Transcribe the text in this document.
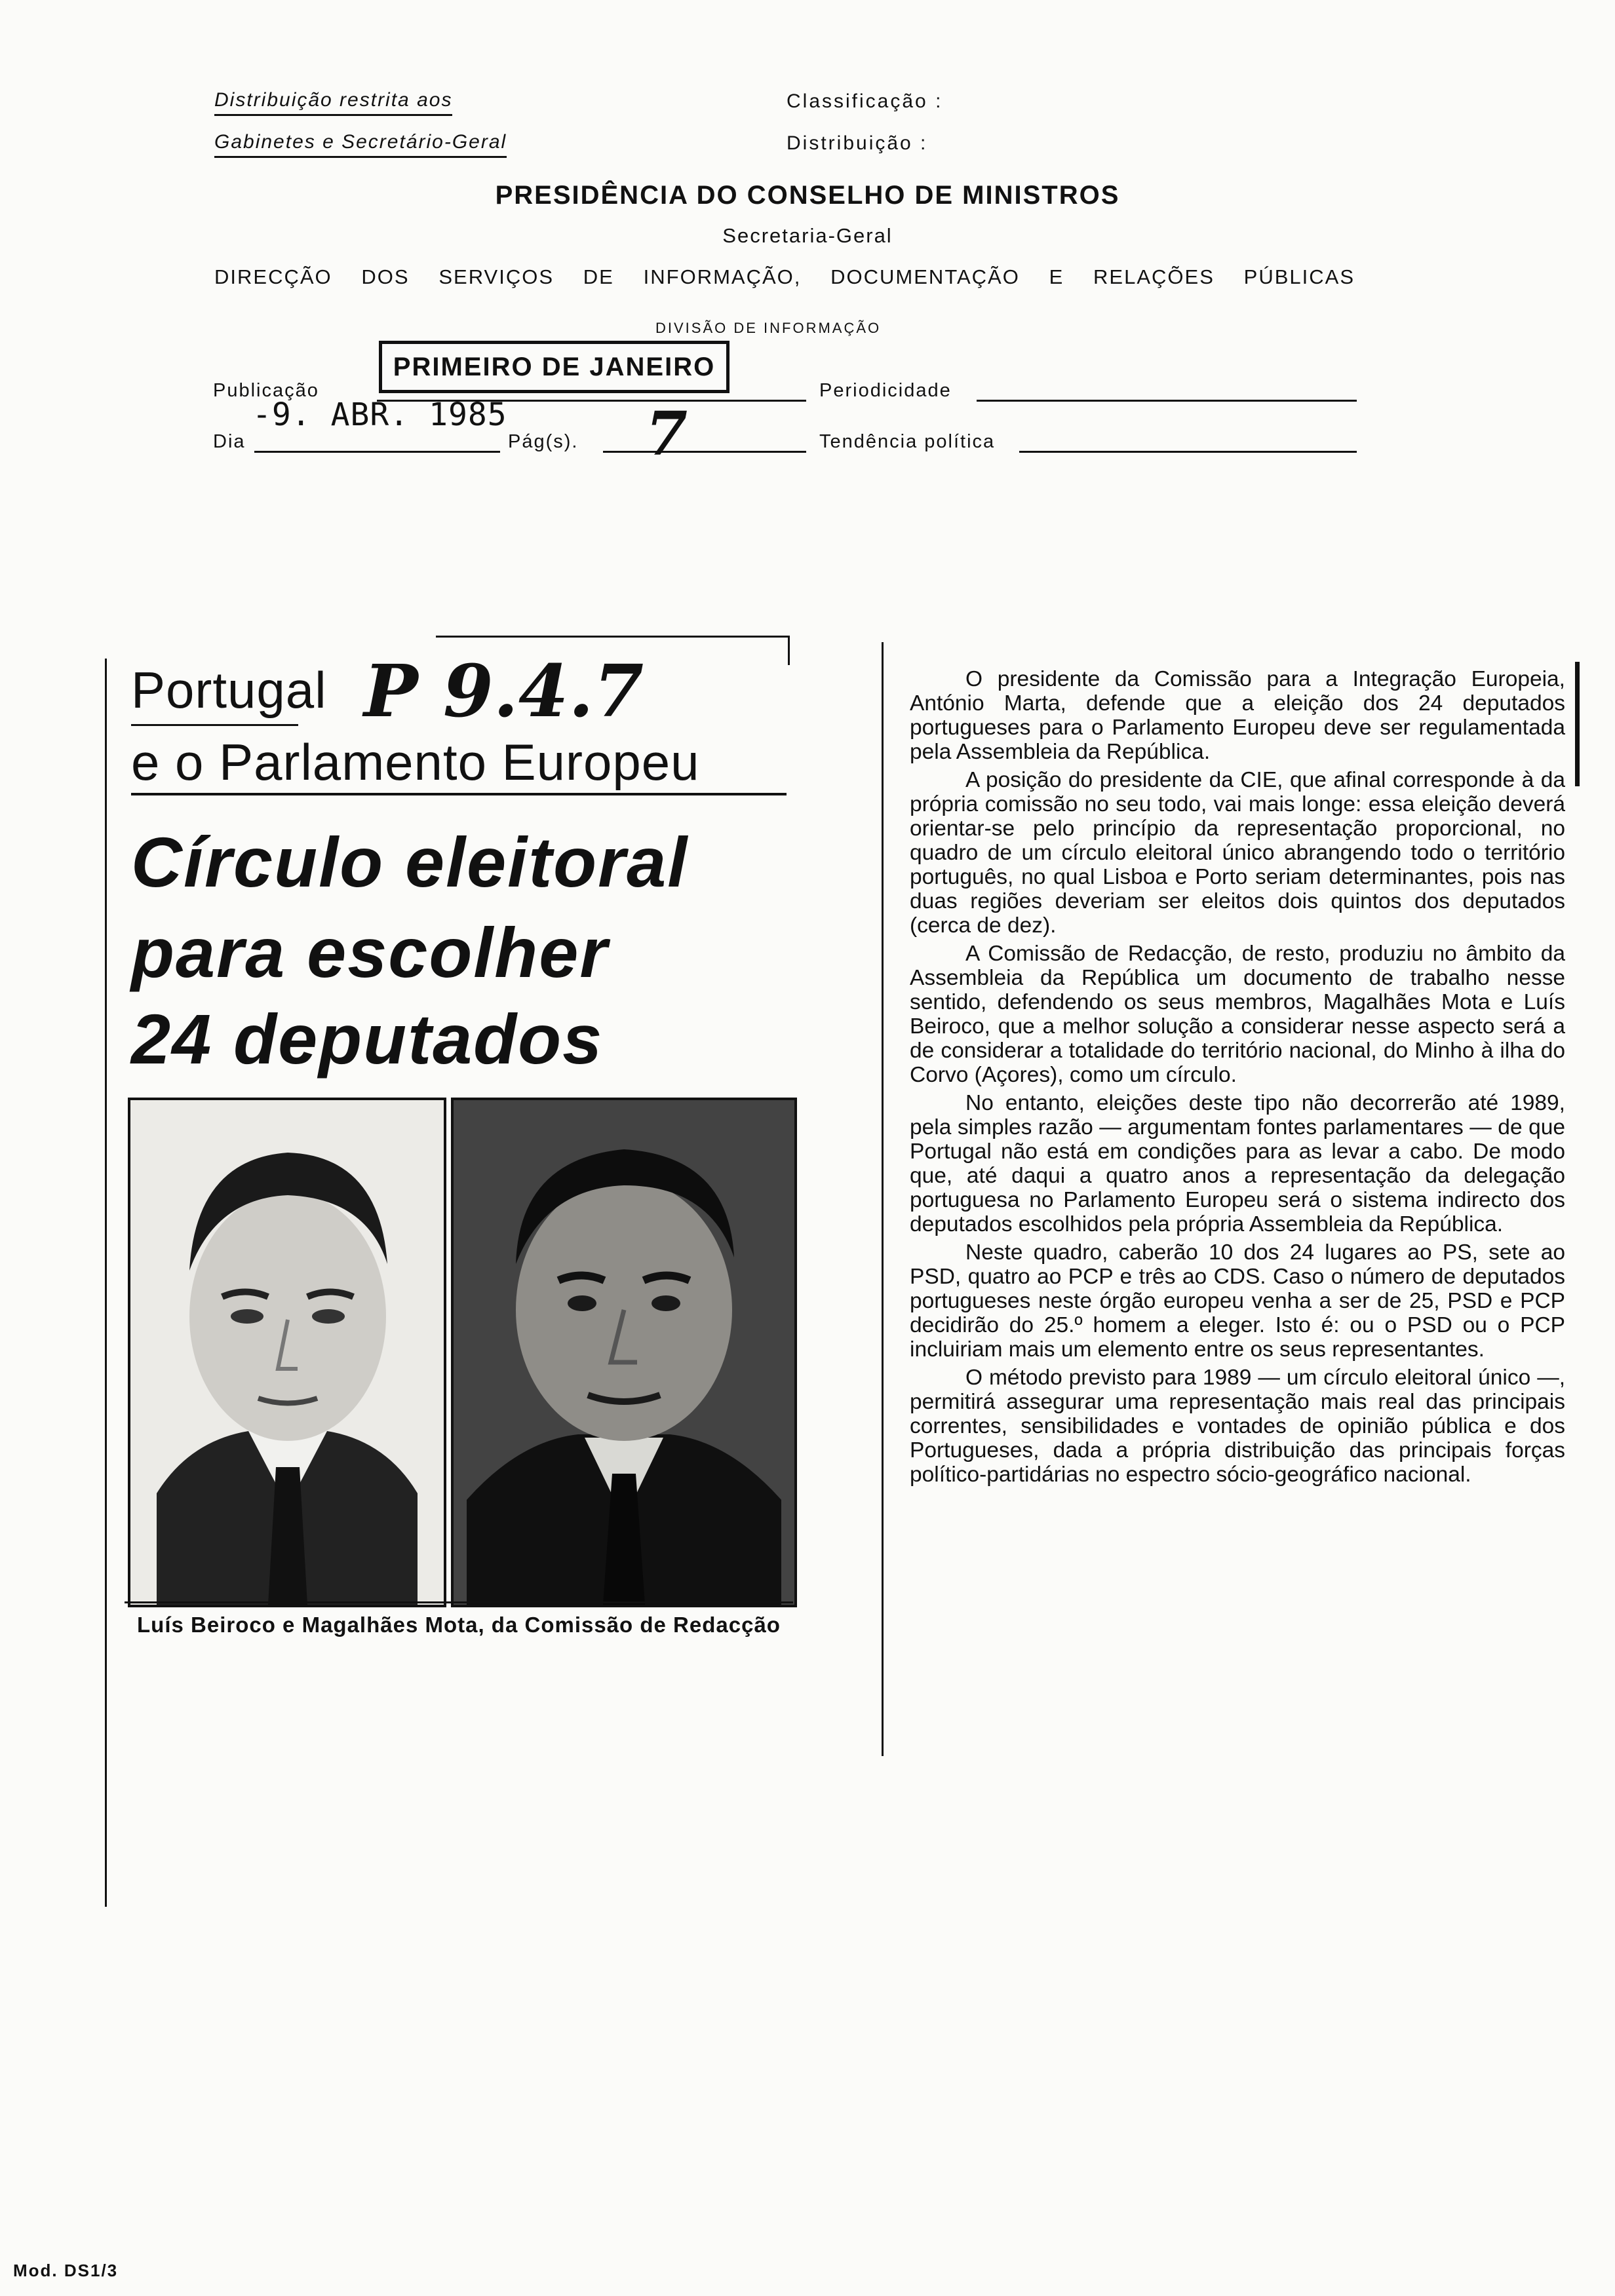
Distribuição restrita aos
Gabinetes e Secretário-Geral
Classificação :
Distribuição :
PRESIDÊNCIA DO CONSELHO DE MINISTROS
Secretaria-Geral
DIRECÇÃO DOS SERVIÇOS DE INFORMAÇÃO, DOCUMENTAÇÃO E RELAÇÕES PÚBLICAS
DIVISÃO DE INFORMAÇÃO
Publicação
PRIMEIRO DE JANEIRO
Periodicidade
Dia
-9. ABR. 1985
Pág(s). 7	Tendência política
Portugal
e o Parlamento Europeu
P 9.4.7
Círculo eleitoral
para escolher
24 deputados
Luís Beiroco e Magalhães Mota, da Comissão de Redacção

O presidente da Comissão para a Integração Europeia, António Marta, defende que a eleição dos 24 deputados portugueses para o Parlamento Europeu deve ser regulamentada pela Assembleia da República.

A posição do presidente da CIE, que afinal corresponde à da própria comissão no seu todo, vai mais longe: essa eleição deverá orientar-se pelo princípio da representação proporcional, no quadro de um círculo eleitoral único abrangendo todo o território português, no qual Lisboa e Porto seriam determinantes, pois nas duas regiões deveriam ser eleitos dois quintos dos deputados (cerca de dez).

A Comissão de Redacção, de resto, produziu no âmbito da Assembleia da República um documento de trabalho nesse sentido, defendendo os seus membros, Magalhães Mota e Luís Beiroco, que a melhor solução a considerar nesse aspecto será a de considerar a totalidade do território nacional, do Minho à ilha do Corvo (Açores), como um círculo.

No entanto, eleições deste tipo não decorrerão até 1989, pela simples razão — argumentam fontes parlamentares — de que Portugal não está em condições para as levar a cabo. De modo que, até daqui a quatro anos a representação da delegação portuguesa no Parlamento Europeu será o sistema indirecto dos deputados escolhidos pela própria Assembleia da República.

Neste quadro, caberão 10 dos 24 lugares ao PS, sete ao PSD, quatro ao PCP e três ao CDS. Caso o número de deputados portugueses neste órgão europeu venha a ser de 25, PSD e PCP decidirão do 25.º homem a eleger. Isto é: ou o PSD ou o PCP incluiriam mais um elemento entre os seus representantes.

O método previsto para 1989 — um círculo eleitoral único —, permitirá assegurar uma representação mais real das principais correntes, sensibilidades e vontades de opinião pública e dos Portugueses, dada a própria distribuição das principais forças político-partidárias no espectro sócio-geográfico nacional.

Mod. DS1/3
